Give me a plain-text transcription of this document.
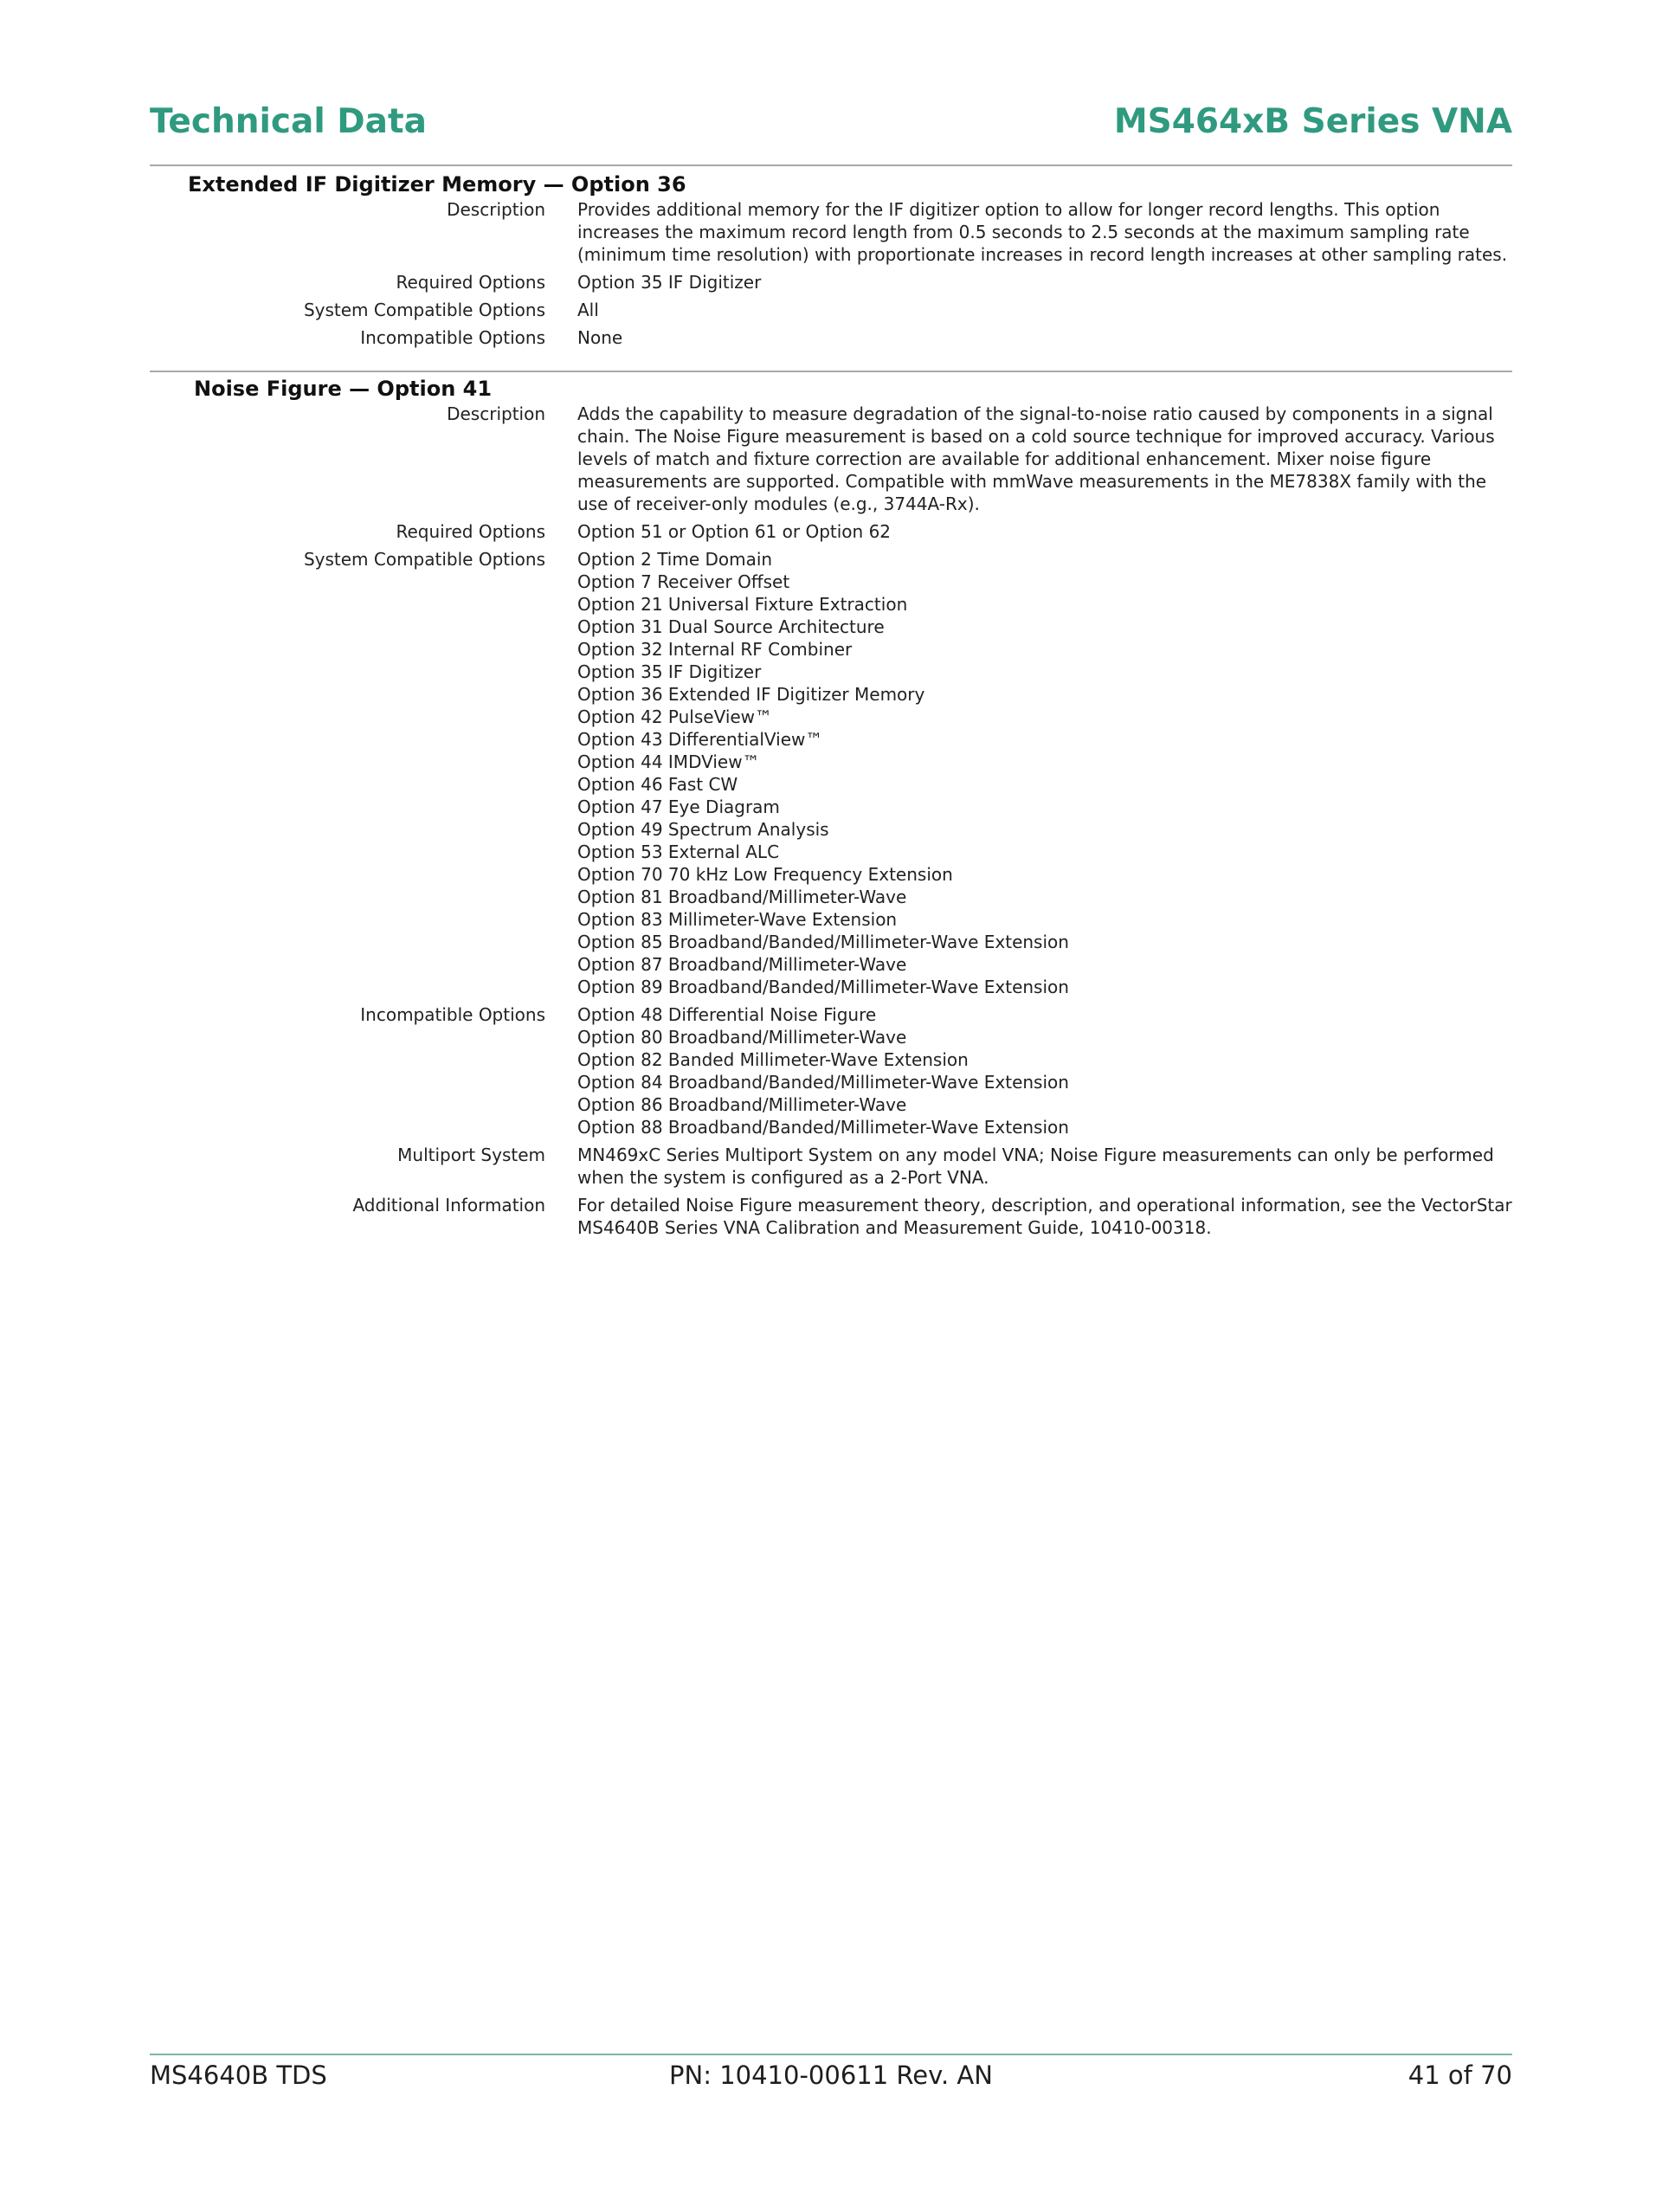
Technical Data	MS464xB Series VNA
Extended IF Digitizer Memory — Option 36
Description Provides additional memory for the IF digitizer option to allow for longer record lengths. This option increases the maximum record length from 0.5 seconds to 2.5 seconds at the maximum sampling rate (minimum time resolution) with proportionate increases in record length increases at other sampling rates.
Required Options Option 35 IF Digitizer
System Compatible Options All
Incompatible Options None
Noise Figure — Option 41
Description Adds the capability to measure degradation of the signal-to-noise ratio caused by components in a signal chain. The Noise Figure measurement is based on a cold source technique for improved accuracy. Various levels of match and fixture correction are available for additional enhancement. Mixer noise figure measurements are supported. Compatible with mmWave measurements in the ME7838X family with the use of receiver-only modules (e.g., 3744A-Rx).
Required Options Option 51 or Option 61 or Option 62
System Compatible Options Option 2 Time Domain
Option 7 Receiver Offset
Option 21 Universal Fixture Extraction
Option 31 Dual Source Architecture
Option 32 Internal RF Combiner
Option 35 IF Digitizer
Option 36 Extended IF Digitizer Memory
Option 42 PulseView™
Option 43 DifferentialView™
Option 44 IMDView™
Option 46 Fast CW
Option 47 Eye Diagram
Option 49 Spectrum Analysis
Option 53 External ALC
Option 70 70 kHz Low Frequency Extension
Option 81 Broadband/Millimeter-Wave
Option 83 Millimeter-Wave Extension
Option 85 Broadband/Banded/Millimeter-Wave Extension
Option 87 Broadband/Millimeter-Wave
Option 89 Broadband/Banded/Millimeter-Wave Extension
Incompatible Options Option 48 Differential Noise Figure
Option 80 Broadband/Millimeter-Wave
Option 82 Banded Millimeter-Wave Extension
Option 84 Broadband/Banded/Millimeter-Wave Extension
Option 86 Broadband/Millimeter-Wave
Option 88 Broadband/Banded/Millimeter-Wave Extension
Multiport System MN469xC Series Multiport System on any model VNA; Noise Figure measurements can only be performed when the system is configured as a 2-Port VNA.
Additional Information For detailed Noise Figure measurement theory, description, and operational information, see the VectorStar MS4640B Series VNA Calibration and Measurement Guide, 10410-00318.
MS4640B TDS	PN: 10410-00611 Rev. AN	41 of 70
